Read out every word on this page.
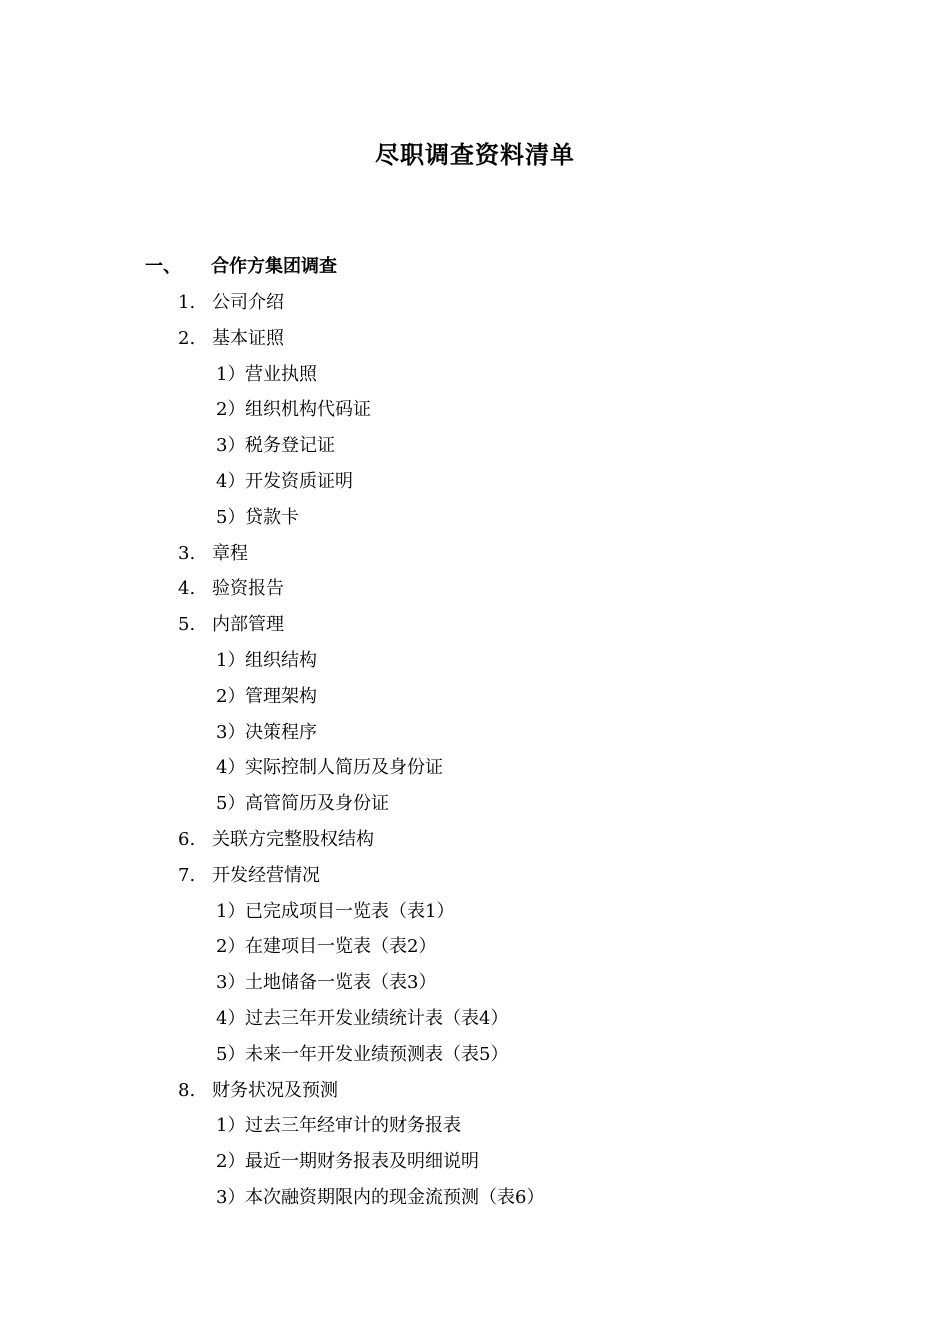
尽职调查资料清单
一、 合作方集团调查
1. 公司介绍
2. 基本证照
1） 营业执照
2） 组织机构代码证
3） 税务登记证
4） 开发资质证明
5） 贷款卡
3. 章程
4. 验资报告
5. 内部管理
1） 组织结构
2） 管理架构
3） 决策程序
4） 实际控制人简历及身份证
5） 高管简历及身份证
6. 关联方完整股权结构
7. 开发经营情况
1） 已完成项目一览表（表1）
2） 在建项目一览表（表2）
3） 土地储备一览表（表3）
4） 过去三年开发业绩统计表（表4）
5） 未来一年开发业绩预测表（表5）
8. 财务状况及预测
1） 过去三年经审计的财务报表
2） 最近一期财务报表及明细说明
3） 本次融资期限内的现金流预测（表6）
